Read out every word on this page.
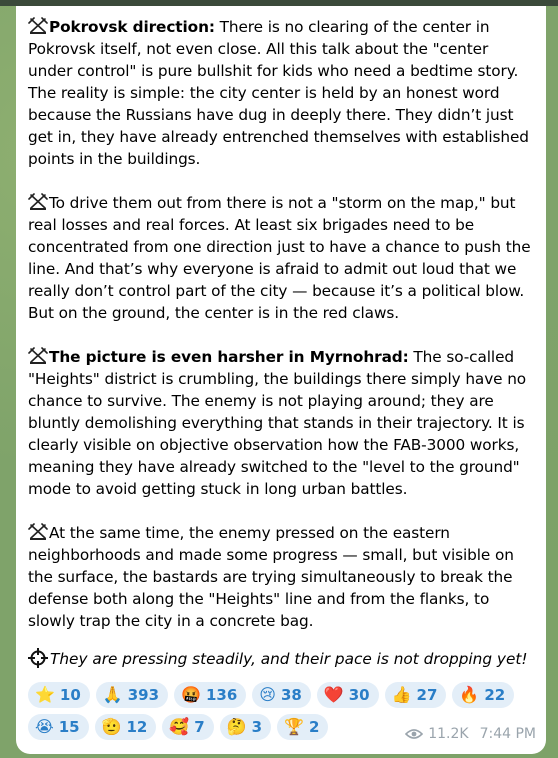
Pokrovsk direction: There is no clearing of the center in Pokrovsk itself, not even close. All this talk about the "center under control" is pure bullshit for kids who need a bedtime story. The reality is simple: the city center is held by an honest word because the Russians have dug in deeply there. They didn’t just get in, they have already entrenched themselves with established points in the buildings.
To drive them out from there is not a "storm on the map," but real losses and real forces. At least six brigades need to be concentrated from one direction just to have a chance to push the line. And that’s why everyone is afraid to admit out loud that we really don’t control part of the city — because it’s a political blow. But on the ground, the center is in the red claws.
The picture is even harsher in Myrnohrad: The so-called "Heights" district is crumbling, the buildings there simply have no chance to survive. The enemy is not playing around; they are bluntly demolishing everything that stands in their trajectory. It is clearly visible on objective observation how the FAB-3000 works, meaning they have already switched to the "level to the ground" mode to avoid getting stuck in long urban battles.
At the same time, the enemy pressed on the eastern neighborhoods and made some progress — small, but visible on the surface, the bastards are trying simultaneously to break the defense both along the "Heights" line and from the flanks, to slowly trap the city in a concrete bag.
They are pressing steadily, and their pace is not dropping yet!
⭐ 10 🙏 393 🤬 136 😢 38 ❤️ 30 👍 27 🔥 22
😭 15 🫡 12 🥰 7 🤔 3 🏆 2	11.2K 7:44 PM
